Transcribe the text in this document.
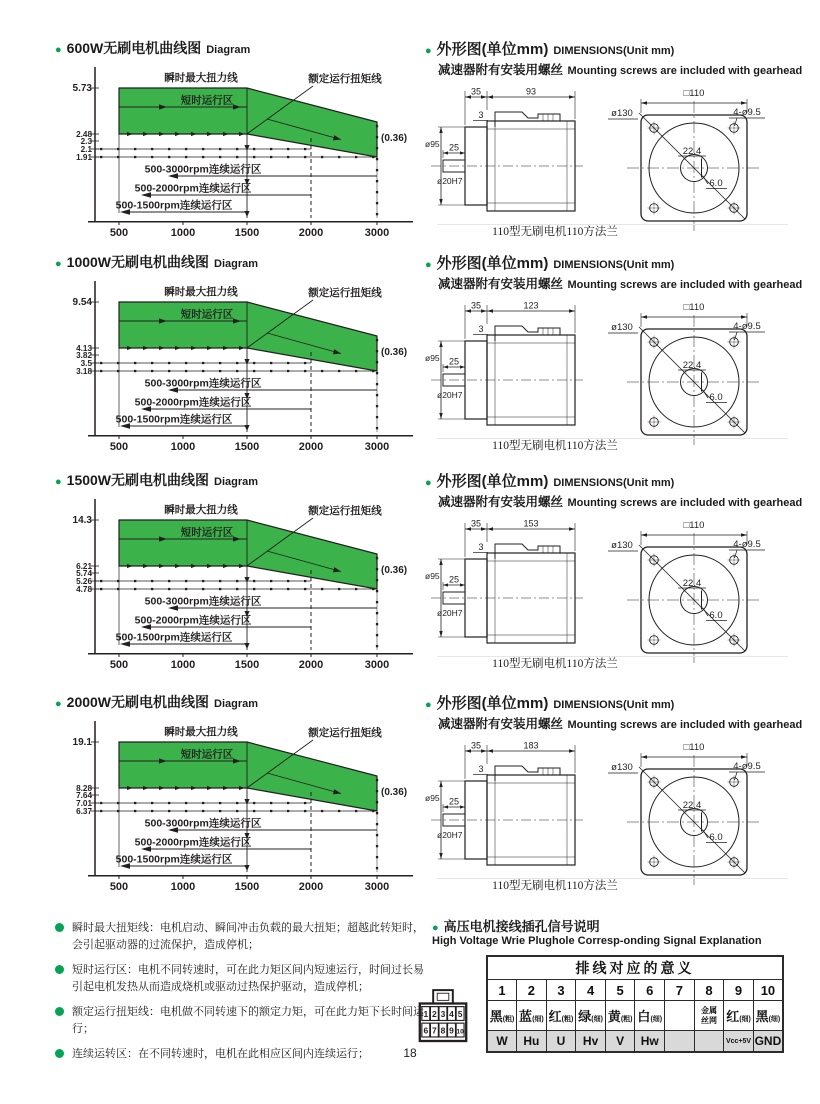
● 600W无刷电机曲线图 Diagram
500-3000rpm连续运行区
500-2000rpm连续运行区
500-1500rpm连续运行区
5.73
2.48
2.3
2.1
1.91
500	1000	1500	2000	3000
瞬时最大扭力线
短时运行区
额定运行扭矩线
(0.36)
● 外形图(单位mm) DIMENSIONS(Unit mm)
减速器附有安装用螺丝 Mounting screws are included with gearhead
35	93
3
25
ø95
ø20H7
□110
ø130	4-ø9.5
22.4
6.0
110型无刷电机110方法兰
● 1000W无刷电机曲线图 Diagram
500-3000rpm连续运行区
500-2000rpm连续运行区
500-1500rpm连续运行区
9.54
4.13
3.82
3.5
3.18
500	1000	1500	2000	3000
瞬时最大扭力线
短时运行区
额定运行扭矩线
(0.36)
● 外形图(单位mm) DIMENSIONS(Unit mm)
减速器附有安装用螺丝 Mounting screws are included with gearhead
35	123
3
25
ø95
ø20H7
□110
ø130	4-ø9.5
22.4
6.0
110型无刷电机110方法兰
● 1500W无刷电机曲线图 Diagram
500-3000rpm连续运行区
500-2000rpm连续运行区
500-1500rpm连续运行区
14.3
6.21
5.74
5.26
4.78
500	1000	1500	2000	3000
瞬时最大扭力线
短时运行区
额定运行扭矩线
(0.36)
● 外形图(单位mm) DIMENSIONS(Unit mm)
减速器附有安装用螺丝 Mounting screws are included with gearhead
35	153
3
25
ø95
ø20H7
□110
ø130	4-ø9.5
22.4
6.0
110型无刷电机110方法兰
● 2000W无刷电机曲线图 Diagram
500-3000rpm连续运行区
500-2000rpm连续运行区
500-1500rpm连续运行区
19.1
8.28
7.64
7.01
6.37
500	1000	1500	2000	3000
瞬时最大扭力线
短时运行区
额定运行扭矩线
(0.36)
● 外形图(单位mm) DIMENSIONS(Unit mm)
减速器附有安装用螺丝 Mounting screws are included with gearhead
35	183
3
25
ø95
ø20H7
□110
ø130	4-ø9.5
22.4
6.0
110型无刷电机110方法兰
瞬时最大扭矩线：电机启动、瞬间冲击负载的最大扭矩；超越此转矩时，会引起驱动器的过流保护，造成停机；
短时运行区：电机不同转速时，可在此力矩区间内短速运行，时间过长易引起电机发热从而造成烧机或驱动过热保护驱动，造成停机；
额定运行扭矩线：电机做不同转速下的额定力矩，可在此力矩下长时间运行；
连续运转区：在不同转速时，电机在此相应区间内连续运行；
● 高压电机接线插孔信号说明
High Voltage Wrie Plughole Corresp-onding Signal Explanation
1 2 3 4 5
6 7 8 9 10
排线对应的意义									
1	2	3	4	5	6	7	8	9	10
黑(粗)	蓝(细)	红(粗)	绿(细)	黄(粗)	白(细)		金属丝网	红(细)	黑(细)
W	Hu	U	Hv	V	Hw			Vcc+5V	GND
18
